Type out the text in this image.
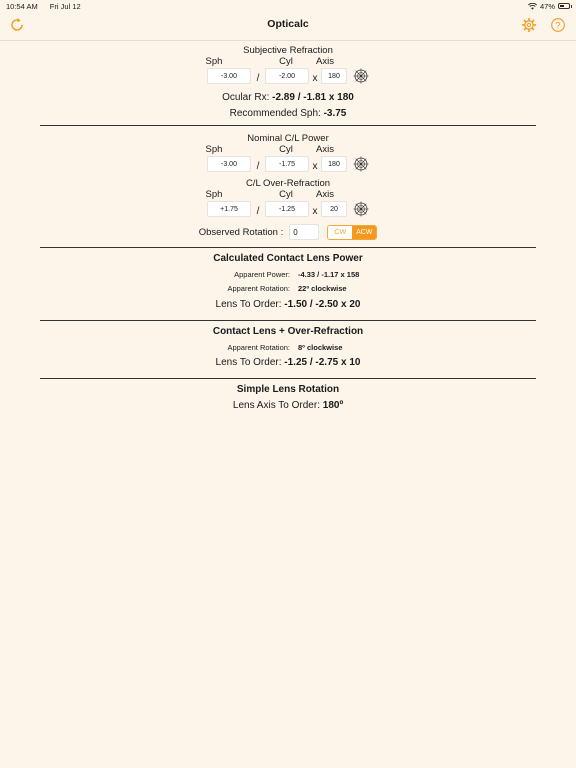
10:54 AM Fri Jul 12	47%
Opticalc	?
Subjective Refraction
Sph	Cyl	Axis
-3.00	/	-2.00	x	180
Ocular Rx: -2.89 / -1.81 x 180
Recommended Sph: -3.75
Nominal C/L Power
Sph	Cyl	Axis
-3.00	/	-1.75	x	180
C/L Over-Refraction
Sph	Cyl	Axis
+1.75	/	-1.25	x	20
Observed Rotation :	0	CW	ACW
Calculated Contact Lens Power
Apparent Power: -4.33 / -1.17 x 158
Apparent Rotation: 22º clockwise
Lens To Order: -1.50 / -2.50 x 20
Contact Lens + Over-Refraction
Apparent Rotation: 8º clockwise
Lens To Order: -1.25 / -2.75 x 10
Simple Lens Rotation
Lens Axis To Order: 180º
